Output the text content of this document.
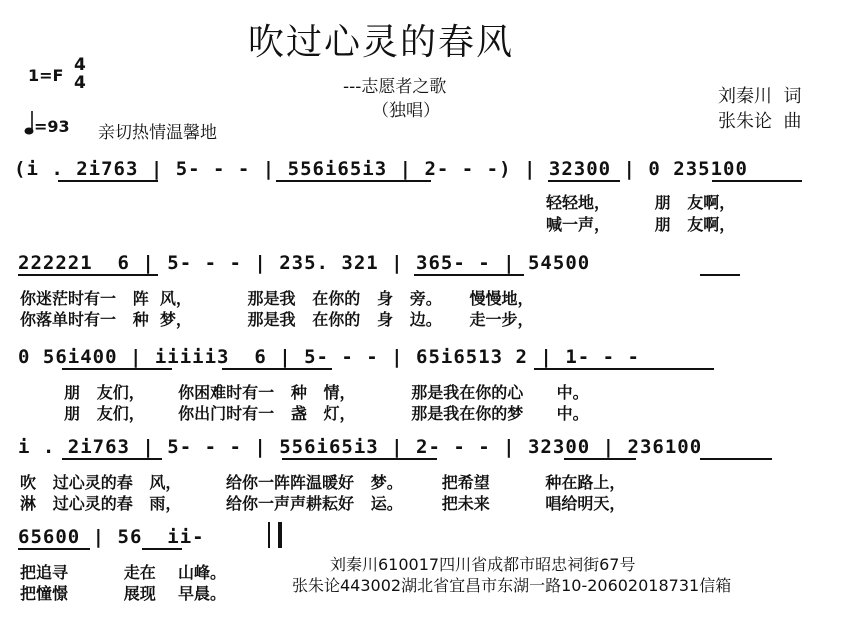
吹过心灵的春风
---志愿者之歌
（独唱）
刘秦川  词
张朱论  曲
1=F
4
4
=93 亲切热情温馨地
(i . 2i763 | 5- - - | 556i65i3 | 2- - -) | 32300 | 0 235100
轻轻地，        朋   友啊，
喊一声，        朋   友啊，
222221  6 | 5- - - | 235. 321 | 365- - | 54500
你迷茫时有一   阵  风，          那是我   在你的   身   旁。     慢慢地，
你落单时有一   种  梦，          那是我   在你的   身   边。     走一步，
0 56i400 | iiiii3  6 | 5- - - | 65i6513 2 | 1- - -
朋   友们，      你困难时有一   种   情，          那是我在你的心      中。
朋   友们，      你出门时有一   盏   灯，          那是我在你的梦      中。
i . 2i763 | 5- - - | 556i65i3 | 2- - - | 32300 | 236100
吹   过心灵的春   风，        给你一阵阵温暖好   梦。       把希望          种在路上，
淋   过心灵的春   雨，        给你一声声耕耘好   运。       把未来          唱给明天，
65600 | 56  ii-
把追寻          走在    山峰。
把憧憬          展现    早晨。
刘秦川610017四川省成都市昭忠祠街67号
张朱论443002湖北省宜昌市东湖一路10-20602018731信箱
